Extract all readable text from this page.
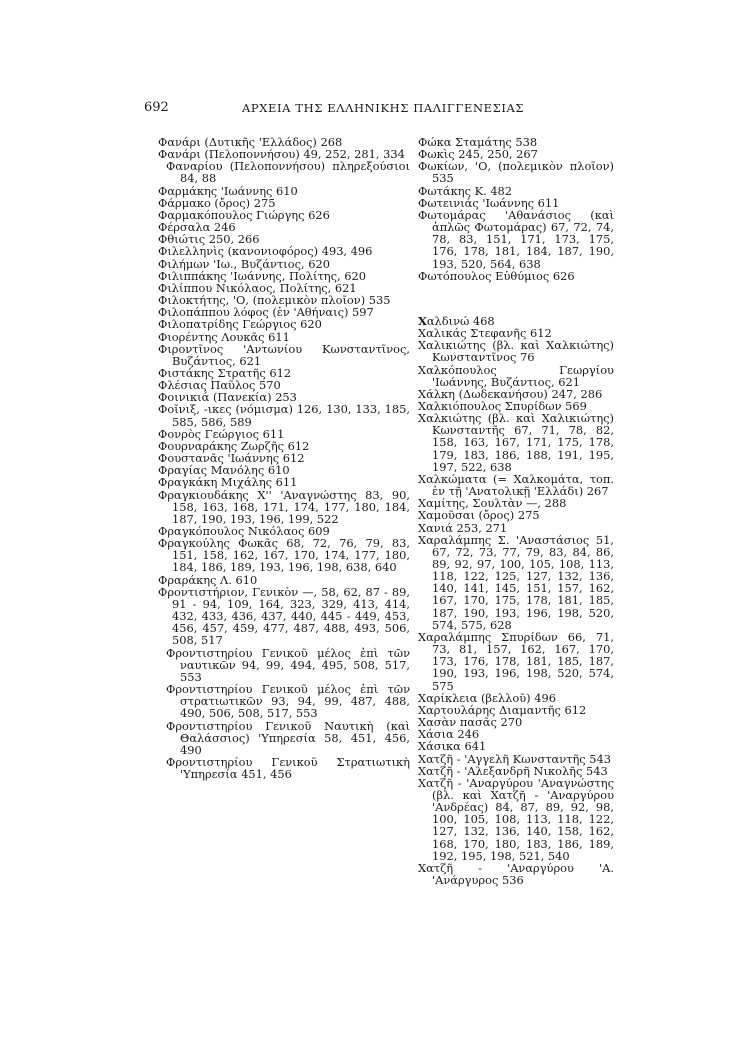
692	ΑΡΧΕΙΑ ΤΗΣ ΕΛΛΗΝΙΚΗΣ ΠΑΛΙΓΓΕΝΕΣΙΑΣ

Φανάρι (Δυτικῆς 'Ελλάδος) 268

Φανάρι (Πελοποννήσου) 49, 252, 281, 334

Φαναρίου (Πελοποννήσου) πληρεξούσιοι 84, 88

Φαρμάκης 'Ιωάννης 610

Φάρμακο (ὄρος) 275

Φαρμακόπουλος Γιώργης 626

Φέρσαλα 246

Φθιώτις 250, 266

Φιλελληνὶς (κανονιοφόρος) 493, 496

Φιλήμων 'Ιω., Βυζάντιος, 620

Φιλιππάκης 'Ιωάννης, Πολίτης, 620

Φιλίππου Νικόλαος, Πολίτης, 621

Φιλοκτήτης, 'Ο, (πολεμικὸν πλοῖον) 535

Φιλοπάππου λόφος (ἐν 'Αθήναις) 597

Φιλοπατρίδης Γεώργιος 620

Φιορέντης Λουκᾶς 611

Φιροντῖνος 'Αντωνίου Κωνσταντῖνος, Βυζάντιος, 621

Φιστάκης Στρατῆς 612

Φλέσιας Παῦλος 570

Φοινικιά (Πανεκία) 253

Φοῖνιξ, -ικες (νόμισμα) 126, 130, 133, 185, 585, 586, 589

Φονρὸς Γεώργιος 611

Φουρναράκης Ζωρζῆς 612

Φουστανᾶς 'Ιωάννης 612

Φραγίας Μανόλης 610

Φραγκάκη Μιχάλης 611

Φραγκιουδάκης Χ'' 'Αναγνώστης 83, 90, 158, 163, 168, 171, 174, 177, 180, 184, 187, 190, 193, 196, 199, 522

Φραγκόπουλος Νικόλαος 609

Φραγκούλης Φωκᾶς 68, 72, 76, 79, 83, 151, 158, 162, 167, 170, 174, 177, 180, 184, 186, 189, 193, 196, 198, 638, 640

Φραράκης Λ. 610

Φροντιστήριον, Γενικὸν —, 58, 62, 87 - 89, 91 - 94, 109, 164, 323, 329, 413, 414, 432, 433, 436, 437, 440, 445 - 449, 453, 456, 457, 459, 477, 487, 488, 493, 506, 508, 517

Φροντιστηρίου Γενικοῦ μέλος ἐπὶ τῶν ναυτικῶν 94, 99, 494, 495, 508, 517, 553

Φροντιστηρίου Γενικοῦ μέλος ἐπὶ τῶν στρατιωτικῶν 93, 94, 99, 487, 488, 490, 506, 508, 517, 553

Φροντιστηρίου Γενικοῦ Ναυτικὴ (καὶ Θαλάσσιος) 'Υπηρεσία 58, 451, 456, 490

Φροντιστηρίου Γενικοῦ Στρατιωτικὴ 'Υπηρεσία 451, 456

Φώκα Σταμάτης 538

Φωκὶς 245, 250, 267

Φωκίων, 'Ο, (πολεμικὸν πλοῖον) 535

Φωτάκης Κ. 482

Φωτεινιάς 'Ιωάννης 611

Φωτομάρας 'Αθανάσιος (καὶ ἁπλῶς Φωτομάρας) 67, 72, 74, 78, 83, 151, 171, 173, 175, 176, 178, 181, 184, 187, 190, 193, 520, 564, 638

Φωτόπουλος Εὐθύμιος 626

Χαλδινώ 468

Χαλικάς Στεφανῆς 612

Χαλικιώτης (βλ. καὶ Χαλκιώτης) Κωνσταντῖνος 76

Χαλκόπουλος Γεωργίου 'Ιωάννης, Βυζάντιος, 621

Χάλκη (Δωδεκανήσου) 247, 286

Χαλκιόπουλος Σπυρίδων 569

Χαλκιώτης (βλ. καὶ Χαλικιώτης) Κωνσταντῆς 67, 71, 78, 82, 158, 163, 167, 171, 175, 178, 179, 183, 186, 188, 191, 195, 197, 522, 638

Χαλκώματα (= Χαλκομάτα, τοπ. ἐν τῇ 'Ανατολικῇ 'Ελλάδι) 267

Χαμίτης, Σουλτὰν —, 288

Χαμοῦσαι (ὄρος) 275

Χανιά 253, 271

Χαραλάμπης Σ. 'Αναστάσιος 51, 67, 72, 73, 77, 79, 83, 84, 86, 89, 92, 97, 100, 105, 108, 113, 118, 122, 125, 127, 132, 136, 140, 141, 145, 151, 157, 162, 167, 170, 175, 178, 181, 185, 187, 190, 193, 196, 198, 520, 574, 575, 628

Χαραλάμπης Σπυρίδων 66, 71, 73, 81, 157, 162, 167, 170, 173, 176, 178, 181, 185, 187, 190, 193, 196, 198, 520, 574, 575

Χαρίκλεια (βελλοῦ) 496

Χαρτουλάρης Διαμαντῆς 612

Χασὰν πασᾶς 270

Χάσια 246

Χάσικα 641

Χατζῆ - 'Αγγελῆ Κωνσταντῆς 543

Χατζῆ - 'Αλεξανδρῆ Νικολῆς 543

Χατζῆ - 'Αναργύρου 'Αναγνώστης (βλ. καὶ Χατζῆ - 'Αναργύρου 'Ανδρέας) 84, 87, 89, 92, 98, 100, 105, 108, 113, 118, 122, 127, 132, 136, 140, 158, 162, 168, 170, 180, 183, 186, 189, 192, 195, 198, 521, 540

Χατζῆ - 'Αναργύρου 'Α. 'Ανάργυρος 536
